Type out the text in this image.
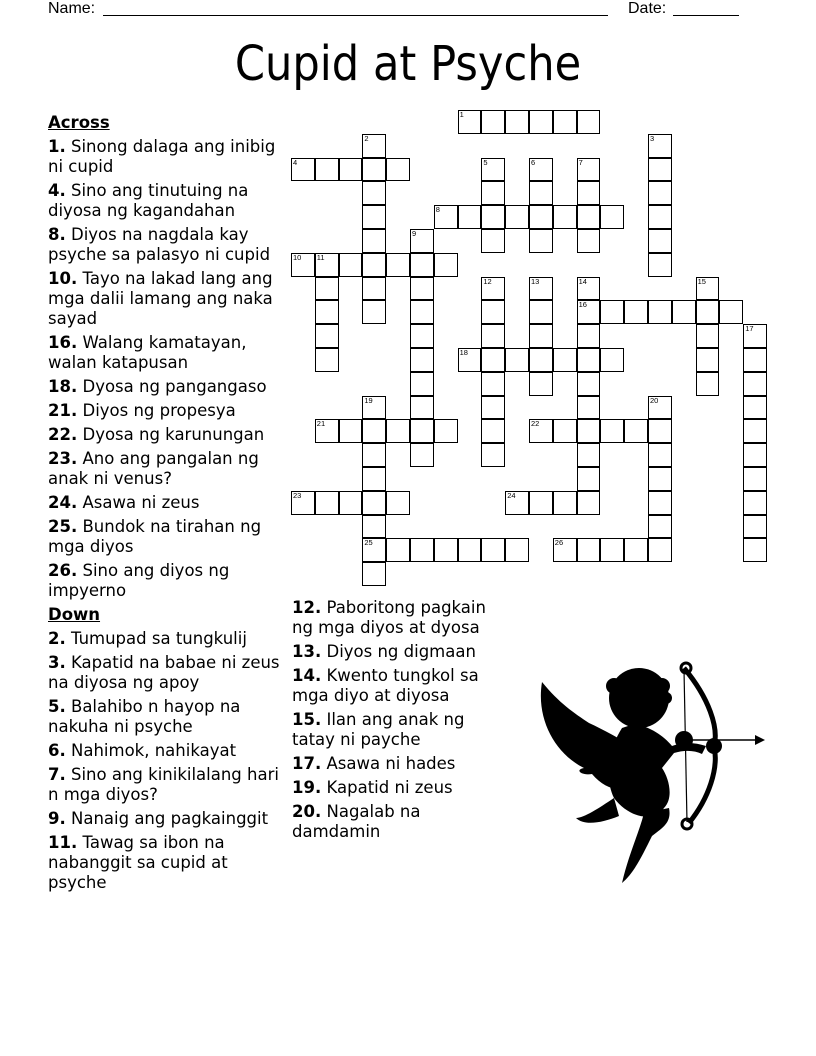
Name:	Date:
Cupid at Psyche
Across
1. Sinong dalaga ang inibig ni cupid
4. Sino ang tinutuing na diyosa ng kagandahan
8. Diyos na nagdala kay psyche sa palasyo ni cupid
10. Tayo na lakad lang ang mga dalii lamang ang naka sayad
16. Walang kamatayan, walan katapusan
18. Dyosa ng pangangaso
21. Diyos ng propesya
22. Dyosa ng karunungan
23. Ano ang pangalan ng anak ni venus?
24. Asawa ni zeus
25. Bundok na tirahan ng mga diyos
26. Sino ang diyos ng impyerno
Down
2. Tumupad sa tungkulij
3. Kapatid na babae ni zeus na diyosa ng apoy
5. Balahibo n hayop na nakuha ni psyche
6. Nahimok, nahikayat
7. Sino ang kinikilalang hari n mga diyos?
9. Nanaig ang pagkainggit
11. Tawag sa ibon na nabanggit sa cupid at psyche
12. Paboritong pagkain ng mga diyos at dyosa
13. Diyos ng digmaan
14. Kwento tungkol sa mga diyo at diyosa
15. Ilan ang anak ng tatay ni payche
17. Asawa ni hades
19. Kapatid ni zeus
20. Nagalab na damdamin
1
2	3
4	5	6	7
8
9
10 11
12	13	14
16
15
17
18
19
25
20
21	22
23	24
26
